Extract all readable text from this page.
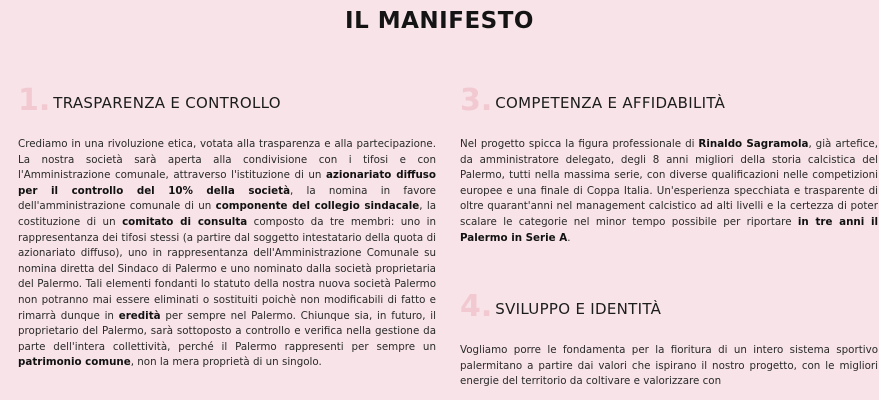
IL MANIFESTO
1 . TRASPARENZA E CONTROLLO

Crediamo in una rivoluzione etica, votata alla trasparenza e alla partecipazione. La nostra società sarà aperta alla condivisione con i tifosi e con l'Amministrazione comunale, attraverso l'istituzione di un azionariato diffuso per il controllo del 10% della società, la nomina in favore dell'amministrazione comunale di un componente del collegio sindacale, la costituzione di un comitato di consulta composto da tre membri: uno in rappresentanza dei tifosi stessi (a partire dal soggetto intestatario della quota di azionariato diffuso), uno in rappresentanza dell'Amministrazione Comunale su nomina diretta del Sindaco di Palermo e uno nominato dalla società proprietaria del Palermo. Tali elementi fondanti lo statuto della nostra nuova società Palermo non potranno mai essere eliminati o sostituiti poichè non modificabili di fatto e rimarrà dunque in eredità per sempre nel Palermo. Chiunque sia, in futuro, il proprietario del Palermo, sarà sottoposto a controllo e verifica nella gestione da parte dell'intera collettività, perché il Palermo rappresenti per sempre un patrimonio comune, non la mera proprietà di un singolo.

3 . COMPETENZA E AFFIDABILITÀ

Nel progetto spicca la figura professionale di Rinaldo Sagramola, già artefice, da amministratore delegato, degli 8 anni migliori della storia calcistica del Palermo, tutti nella massima serie, con diverse qualificazioni nelle competizioni europee e una finale di Coppa Italia. Un'esperienza specchiata e trasparente di oltre quarant'anni nel management calcistico ad alti livelli e la certezza di poter scalare le categorie nel minor tempo possibile per riportare in tre anni il Palermo in Serie A.

4 . SVILUPPO E IDENTITÀ

Vogliamo porre le fondamenta per la fioritura di un intero sistema sportivo palermitano a partire dai valori che ispirano il nostro progetto, con le migliori energie del territorio da coltivare e valorizzare con
